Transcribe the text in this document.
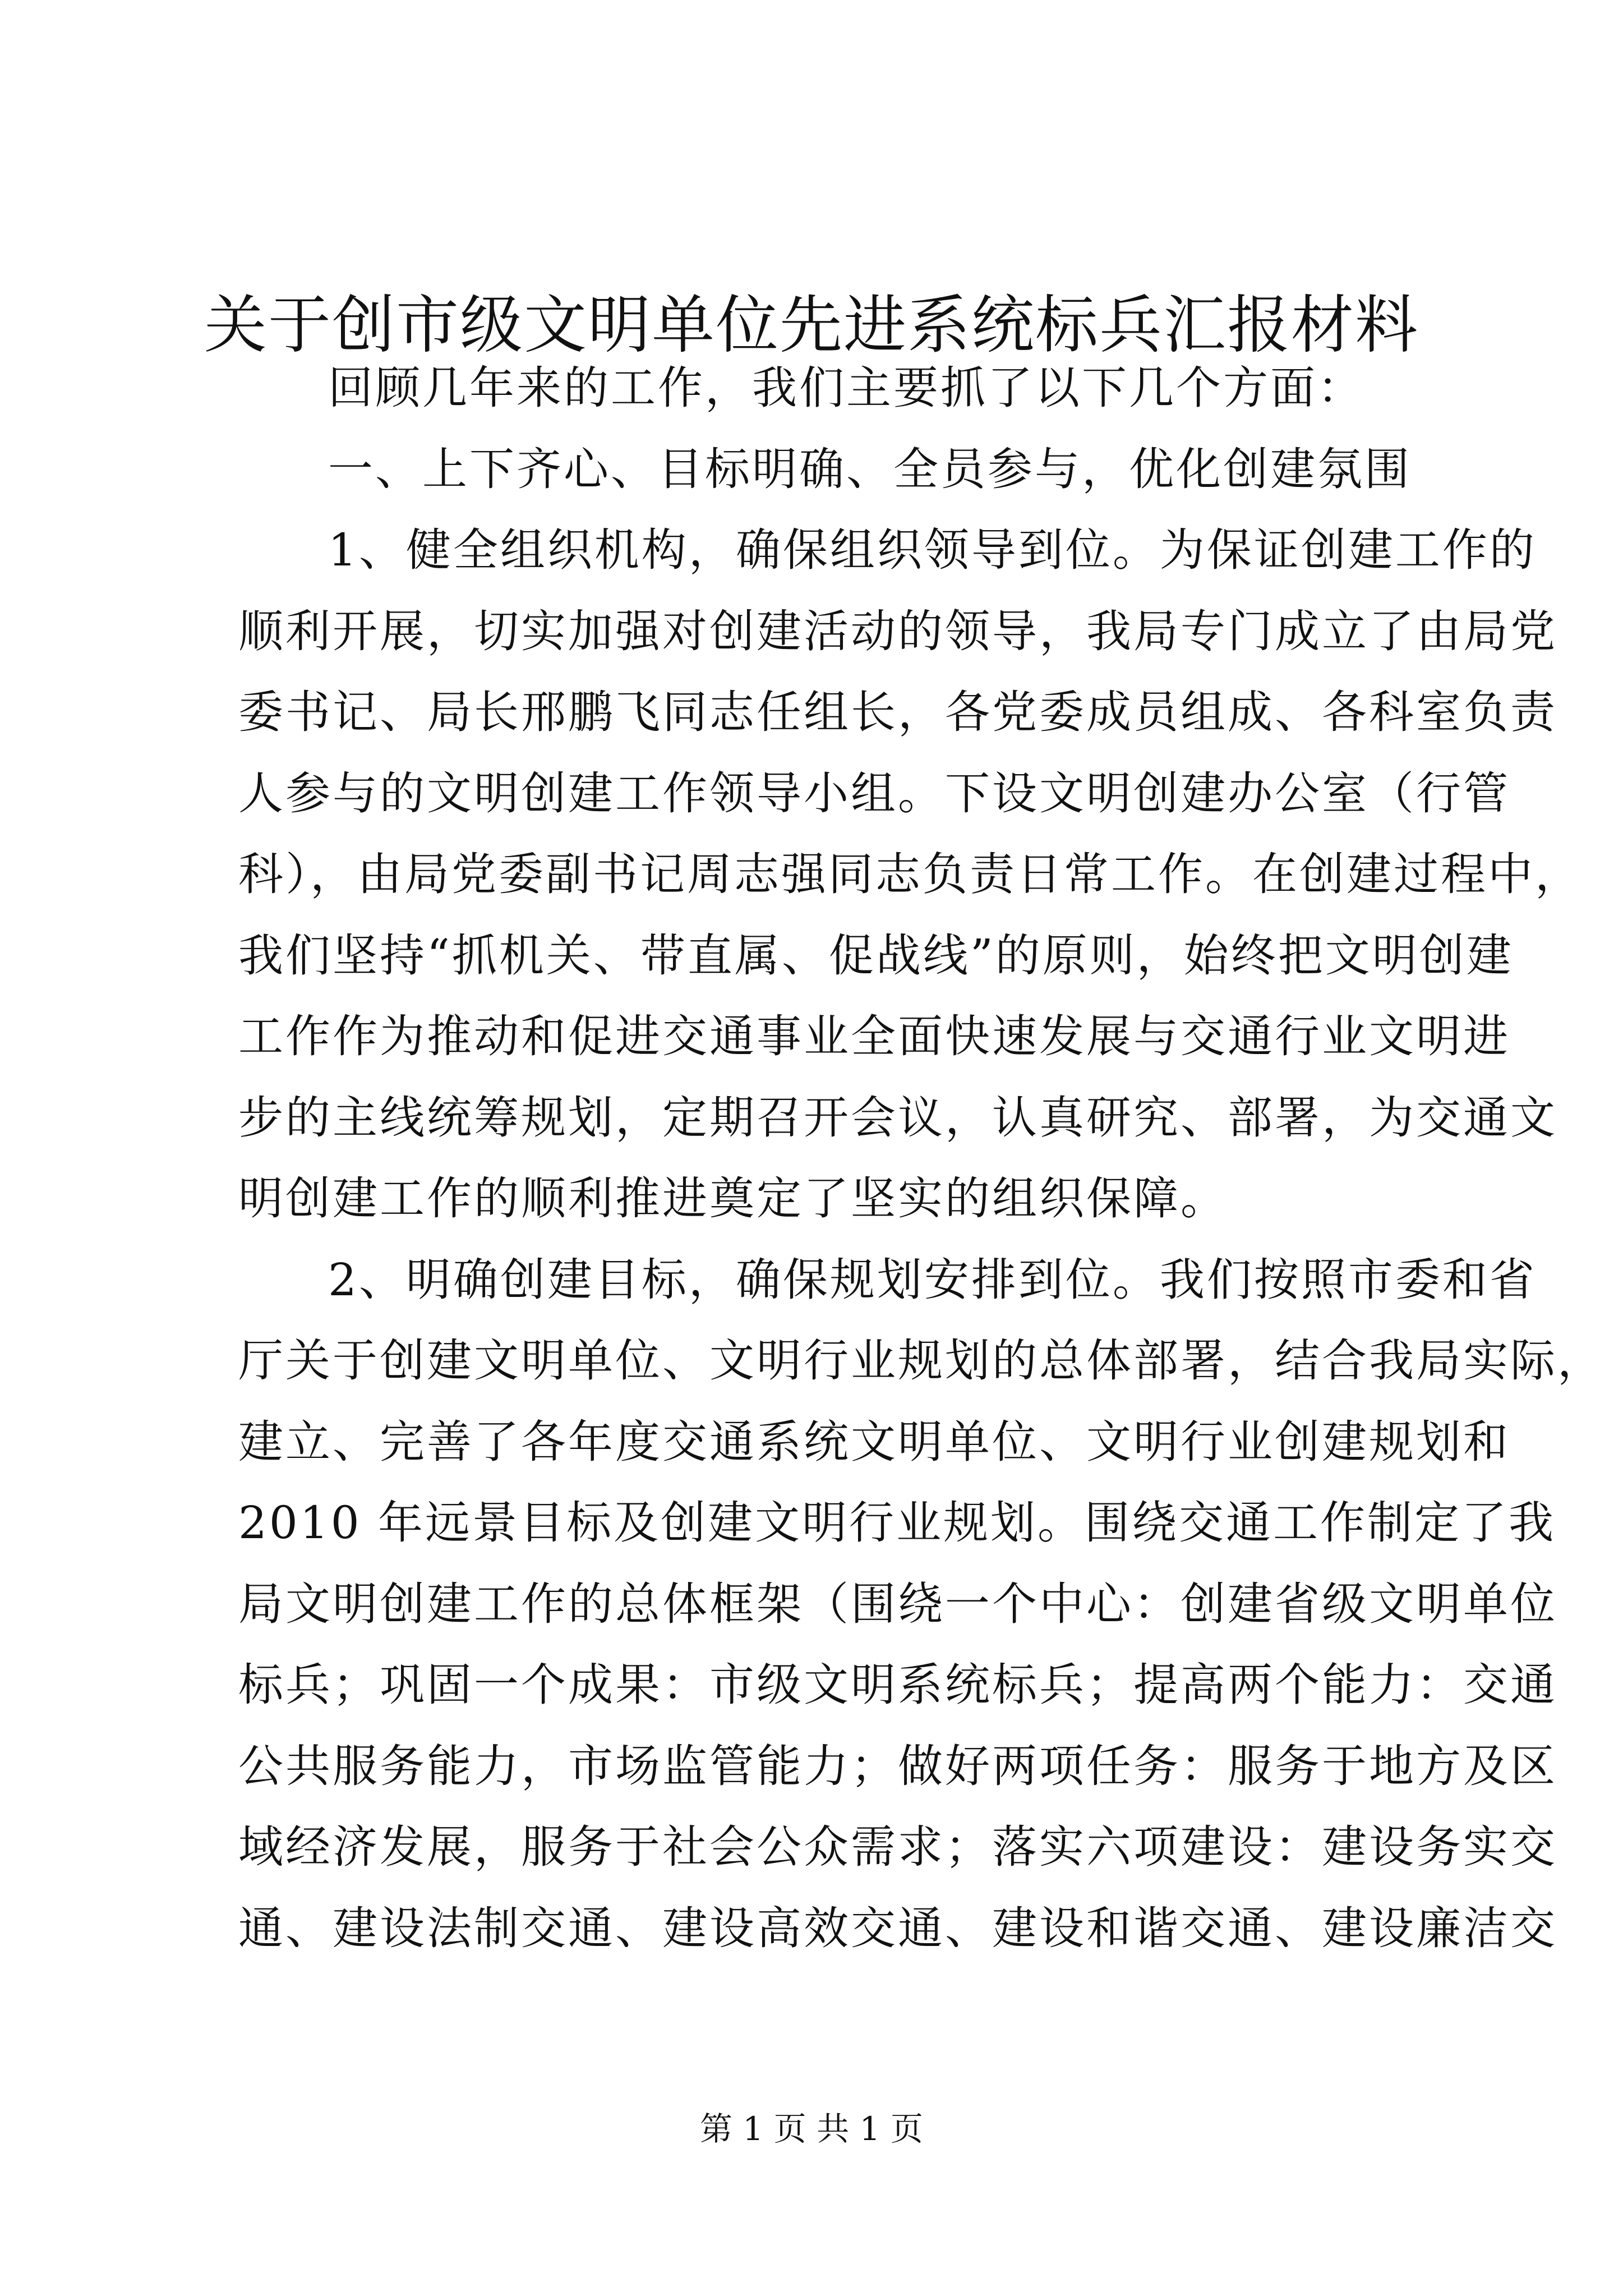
关于创市级文明单位先进系统标兵汇报材料
回顾几年来的工作，我们主要抓了以下几个方面：
一、上下齐心、目标明确、全员参与，优化创建氛围
1、健全组织机构，确保组织领导到位。为保证创建工作的
顺利开展，切实加强对创建活动的领导，我局专门成立了由局党
委书记、局长邢鹏飞同志任组长，各党委成员组成、各科室负责
人参与的文明创建工作领导小组。下设文明创建办公室（行管
科），由局党委副书记周志强同志负责日常工作。在创建过程中，
我们坚持“抓机关、带直属、促战线”的原则，始终把文明创建
工作作为推动和促进交通事业全面快速发展与交通行业文明进
步的主线统筹规划，定期召开会议，认真研究、部署，为交通文
明创建工作的顺利推进奠定了坚实的组织保障。
2、明确创建目标，确保规划安排到位。我们按照市委和省
厅关于创建文明单位、文明行业规划的总体部署，结合我局实际，
建立、完善了各年度交通系统文明单位、文明行业创建规划和
2010 年远景目标及创建文明行业规划。围绕交通工作制定了我
局文明创建工作的总体框架（围绕一个中心：创建省级文明单位
标兵；巩固一个成果：市级文明系统标兵；提高两个能力：交通
公共服务能力，市场监管能力；做好两项任务：服务于地方及区
域经济发展，服务于社会公众需求；落实六项建设：建设务实交
通、建设法制交通、建设高效交通、建设和谐交通、建设廉洁交
第 1 页 共 1 页
